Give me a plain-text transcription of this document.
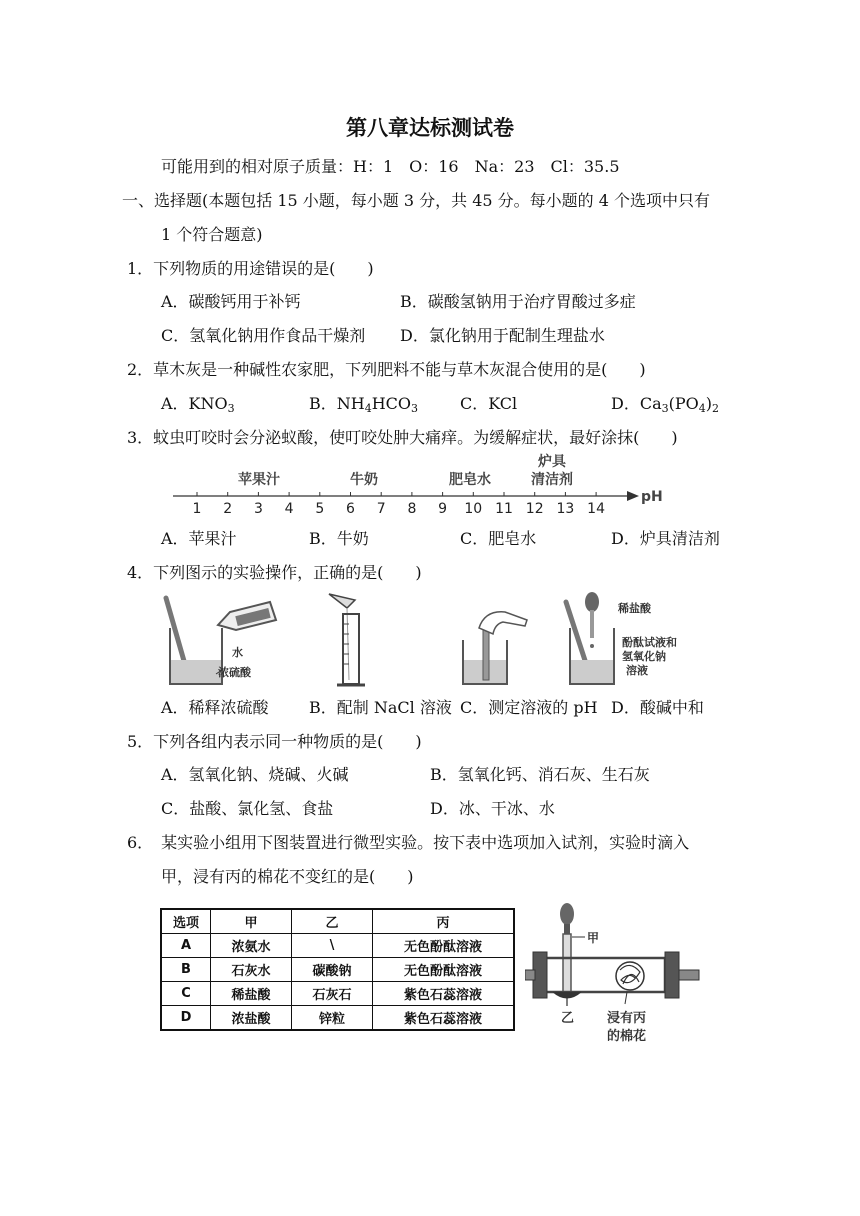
第八章达标测试卷
可能用到的相对原子质量：H：1　O：16　Na：23　Cl：35.5
一、选择题(本题包括 15 小题，每小题 3 分，共 45 分。每小题的 4 个选项中只有
1 个符合题意)
1．下列物质的用途错误的是(　　)
A．碳酸钙用于补钙	B．碳酸氢钠用于治疗胃酸过多症
C．氢氧化钠用作食品干燥剂 D．氯化钠用于配制生理盐水
2．草木灰是一种碱性农家肥，下列肥料不能与草木灰混合使用的是(　　)
A．$KNO_3$	B．$NH_4HCO_3$	C．KCl	D．$Ca_3(PO_4)_2$
3．蚊虫叮咬时会分泌蚁酸，使叮咬处肿大痛痒。为缓解症状，最好涂抹(　　)
苹果汁	牛奶	肥皂水
炉具
清洁剂
pH
1 2 3 4 5 6 7 8 9 10 11 12 13 14
A．苹果汁	B．牛奶	C．肥皂水	D．炉具清洁剂
4．下列图示的实验操作，正确的是(　　)
水
浓硫酸
稀盐酸
酚酞试液和
氢氧化钠
溶液
A．稀释浓硫酸	B．配制 NaCl 溶液 C．测定溶液的 pH D．酸碱中和
5．下列各组内表示同一种物质的是(　　)
A．氢氧化钠、烧碱、火碱	B．氢氧化钙、消石灰、生石灰
C．盐酸、氯化氢、食盐	D．冰、干冰、水
6．　某实验小组用下图装置进行微型实验。按下表中选项加入试剂，实验时滴入
甲，浸有丙的棉花不变红的是(　　)
选项	甲	乙	丙
A	浓氨水	\	无色酚酞溶液
B	石灰水	碳酸钠	无色酚酞溶液
C	稀盐酸	石灰石	紫色石蕊溶液
D	浓盐酸	锌粒	紫色石蕊溶液
甲
乙	浸有丙
的棉花
